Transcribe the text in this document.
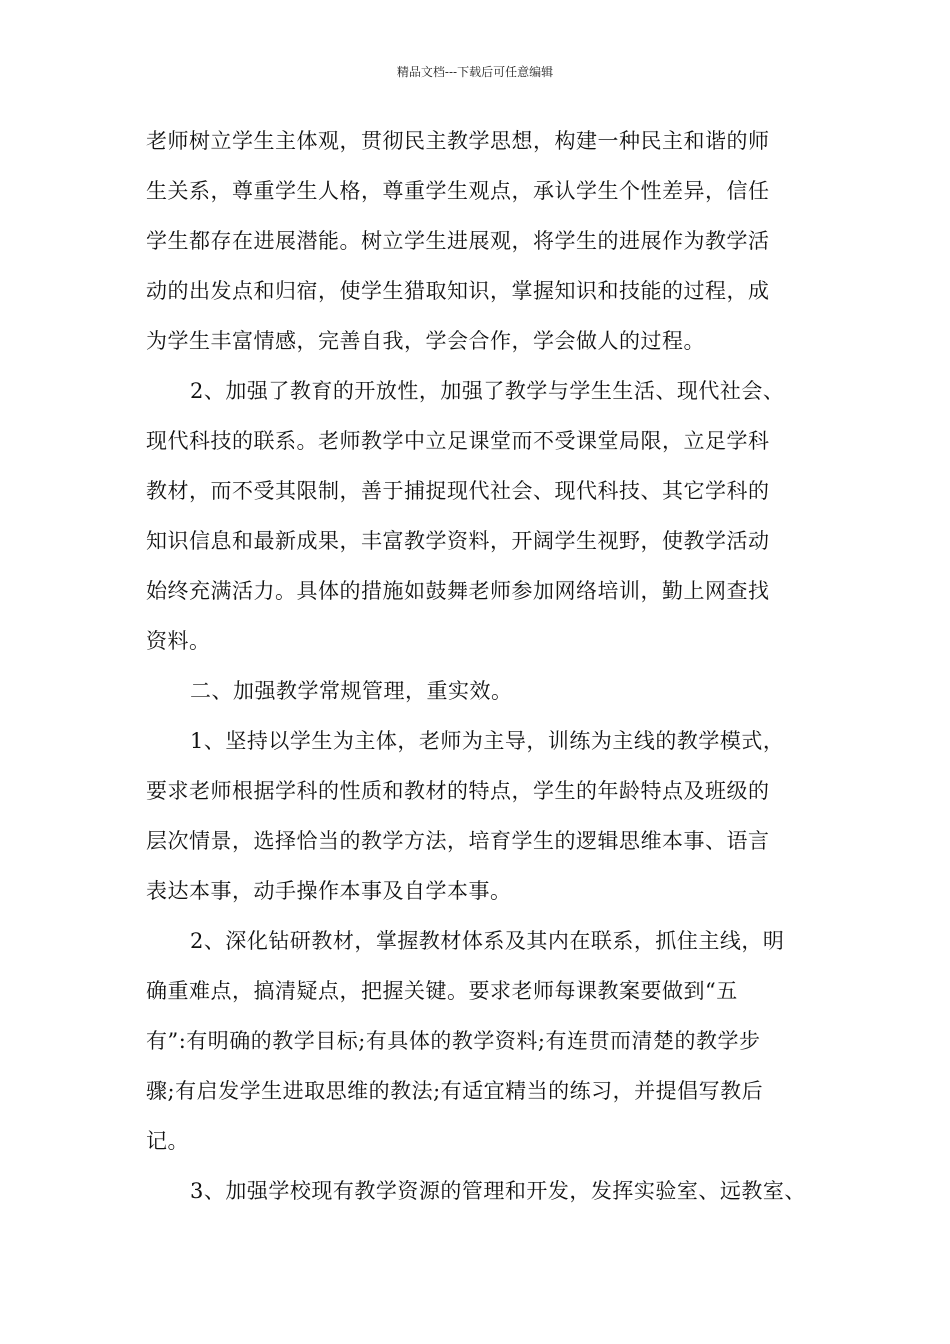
精品文档---下载后可任意编辑
老师树立学生主体观，贯彻民主教学思想，构建一种民主和谐的师
生关系，尊重学生人格，尊重学生观点，承认学生个性差异，信任
学生都存在进展潜能。树立学生进展观，将学生的进展作为教学活
动的出发点和归宿，使学生猎取知识，掌握知识和技能的过程，成
为学生丰富情感，完善自我，学会合作，学会做人的过程。
2、加强了教育的开放性，加强了教学与学生生活、现代社会、
现代科技的联系。老师教学中立足课堂而不受课堂局限，立足学科
教材，而不受其限制，善于捕捉现代社会、现代科技、其它学科的
知识信息和最新成果，丰富教学资料，开阔学生视野，使教学活动
始终充满活力。具体的措施如鼓舞老师参加网络培训，勤上网查找
资料。
二、加强教学常规管理，重实效。
1、坚持以学生为主体，老师为主导，训练为主线的教学模式，
要求老师根据学科的性质和教材的特点，学生的年龄特点及班级的
层次情景，选择恰当的教学方法，培育学生的逻辑思维本事、语言
表达本事，动手操作本事及自学本事。
2、深化钻研教材，掌握教材体系及其内在联系，抓住主线，明
确重难点，搞清疑点，把握关键。要求老师每课教案要做到“五
有”:有明确的教学目标;有具体的教学资料;有连贯而清楚的教学步
骤;有启发学生进取思维的教法;有适宜精当的练习，并提倡写教后
记。
3、加强学校现有教学资源的管理和开发，发挥实验室、远教室、
